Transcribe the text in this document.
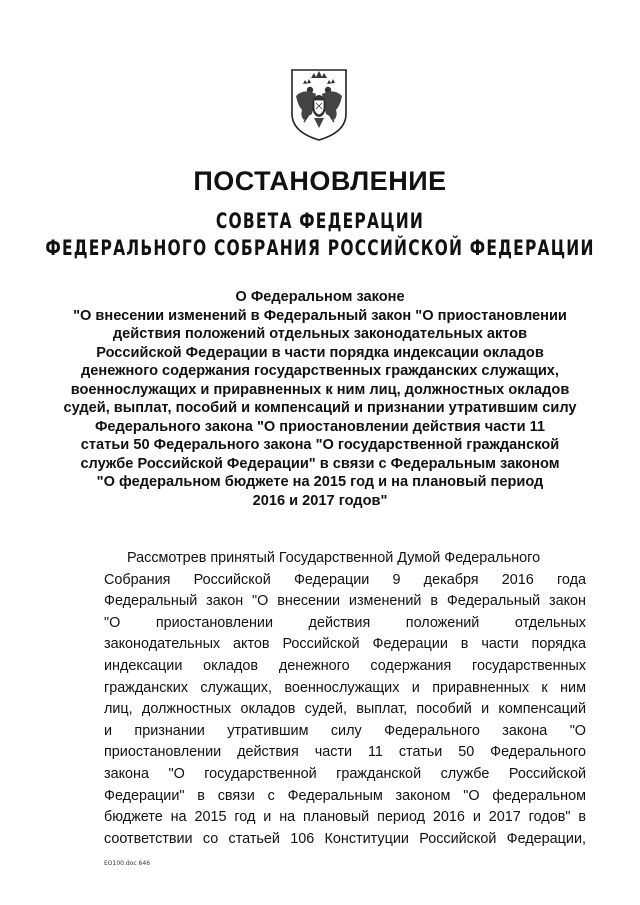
ПОСТАНОВЛЕНИЕ
СОВЕТА ФЕДЕРАЦИИ
ФЕДЕРАЛЬНОГО СОБРАНИЯ РОССИЙСКОЙ ФЕДЕРАЦИИ
О Федеральном законе
"О внесении изменений в Федеральный закон "О приостановлении
действия положений отдельных законодательных актов
Российской Федерации в части порядка индексации окладов
денежного содержания государственных гражданских служащих,
военнослужащих и приравненных к ним лиц, должностных окладов
судей, выплат, пособий и компенсаций и признании утратившим силу
Федерального закона "О приостановлении действия части 11
статьи 50 Федерального закона "О государственной гражданской
службе Российской Федерации" в связи с Федеральным законом
"О федеральном бюджете на 2015 год и на плановый период
2016 и 2017 годов"
Рассмотрев принятый Государственной Думой Федерального
Собрания Российской Федерации 9 декабря 2016 года
Федеральный закон "О внесении изменений в Федеральный закон
"О приостановлении действия положений отдельных
законодательных актов Российской Федерации в части порядка
индексации окладов денежного содержания государственных
гражданских служащих, военнослужащих и приравненных к ним
лиц, должностных окладов судей, выплат, пособий и компенсаций
и признании утратившим силу Федерального закона "О
приостановлении действия части 11 статьи 50 Федерального
закона "О государственной гражданской службе Российской
Федерации" в связи с Федеральным законом "О федеральном
бюджете на 2015 год и на плановый период 2016 и 2017 годов" в
соответствии со статьей 106 Конституции Российской Федерации,
EO100.doc 646
